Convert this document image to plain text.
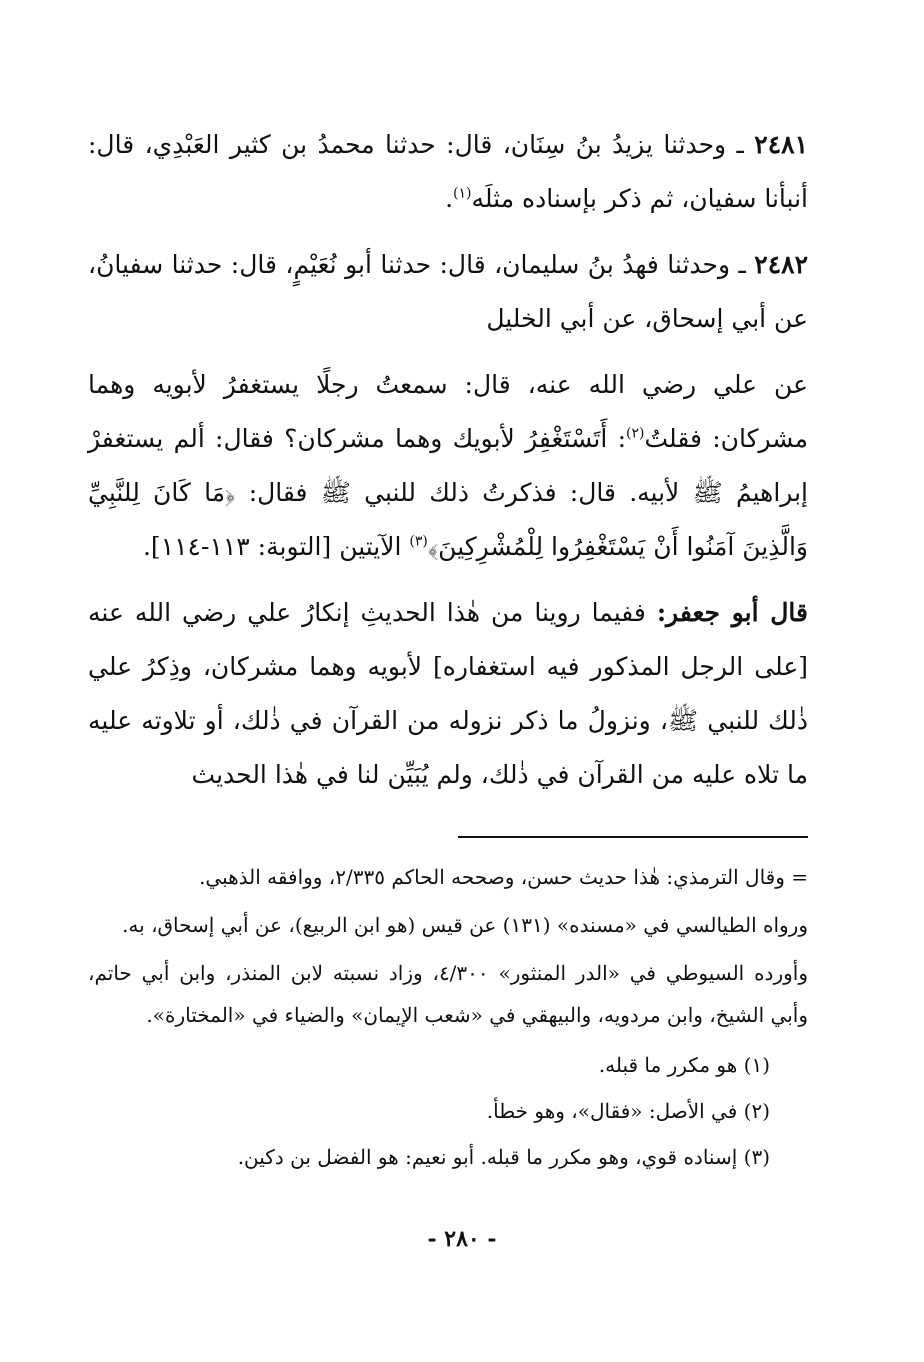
٢٤٨١ ـ وحدثنا يزيدُ بنُ سِنَان، قال: حدثنا محمدُ بن كثير العَبْدِي، قال: أنبأنا سفيان، ثم ذكر بإسناده مثلَه$^{(١)}$.

٢٤٨٢ ـ وحدثنا فهدُ بنُ سليمان، قال: حدثنا أبو نُعَيْمٍ، قال: حدثنا سفيانُ، عن أبي إسحاق، عن أبي الخليل

عن علي رضي الله عنه، قال: سمعتُ رجلًا يستغفرُ لأبويه وهما مشركان: فقلتُ$^{(٢)}$: أَتَسْتَغْفِرُ لأبويك وهما مشركان؟ فقال: ألم يستغفرْ إبراهيمُ ﷺ لأبيه. قال: فذكرتُ ذلك للنبي ﷺ فقال: ﴿مَا كَانَ لِلنَّبِيِّ وَالَّذِينَ آمَنُوا أَنْ يَسْتَغْفِرُوا لِلْمُشْرِكِينَ﴾$^{(٣)}$ الآيتين [التوبة: ١١٣-١١٤].

قال أبو جعفر: ففيما روينا من هٰذا الحديثِ إنكارُ علي رضي الله عنه [على الرجل المذكور فيه استغفاره] لأبويه وهما مشركان، وذِكرُ علي ذٰلك للنبي ﷺ، ونزولُ ما ذكر نزوله من القرآن في ذٰلك، أو تلاوته عليه ما تلاه عليه من القرآن في ذٰلك، ولم يُبَيِّن لنا في هٰذا الحديث

= وقال الترمذي: هٰذا حديث حسن، وصححه الحاكم ٢/٣٣٥، ووافقه الذهبي.

ورواه الطيالسي في «مسنده» (١٣١) عن قيس (هو ابن الربيع)، عن أبي إسحاق، به.

وأورده السيوطي في «الدر المنثور» ٤/٣٠٠، وزاد نسبته لابن المنذر، وابن أبي حاتم، وأبي الشيخ، وابن مردويه، والبيهقي في «شعب الإيمان» والضياء في «المختارة».

(١) هو مكرر ما قبله.
(٢) في الأصل: «فقال»، وهو خطأ.
(٣) إسناده قوي، وهو مكرر ما قبله. أبو نعيم: هو الفضل بن دكين.
- ٢٨٠ -
